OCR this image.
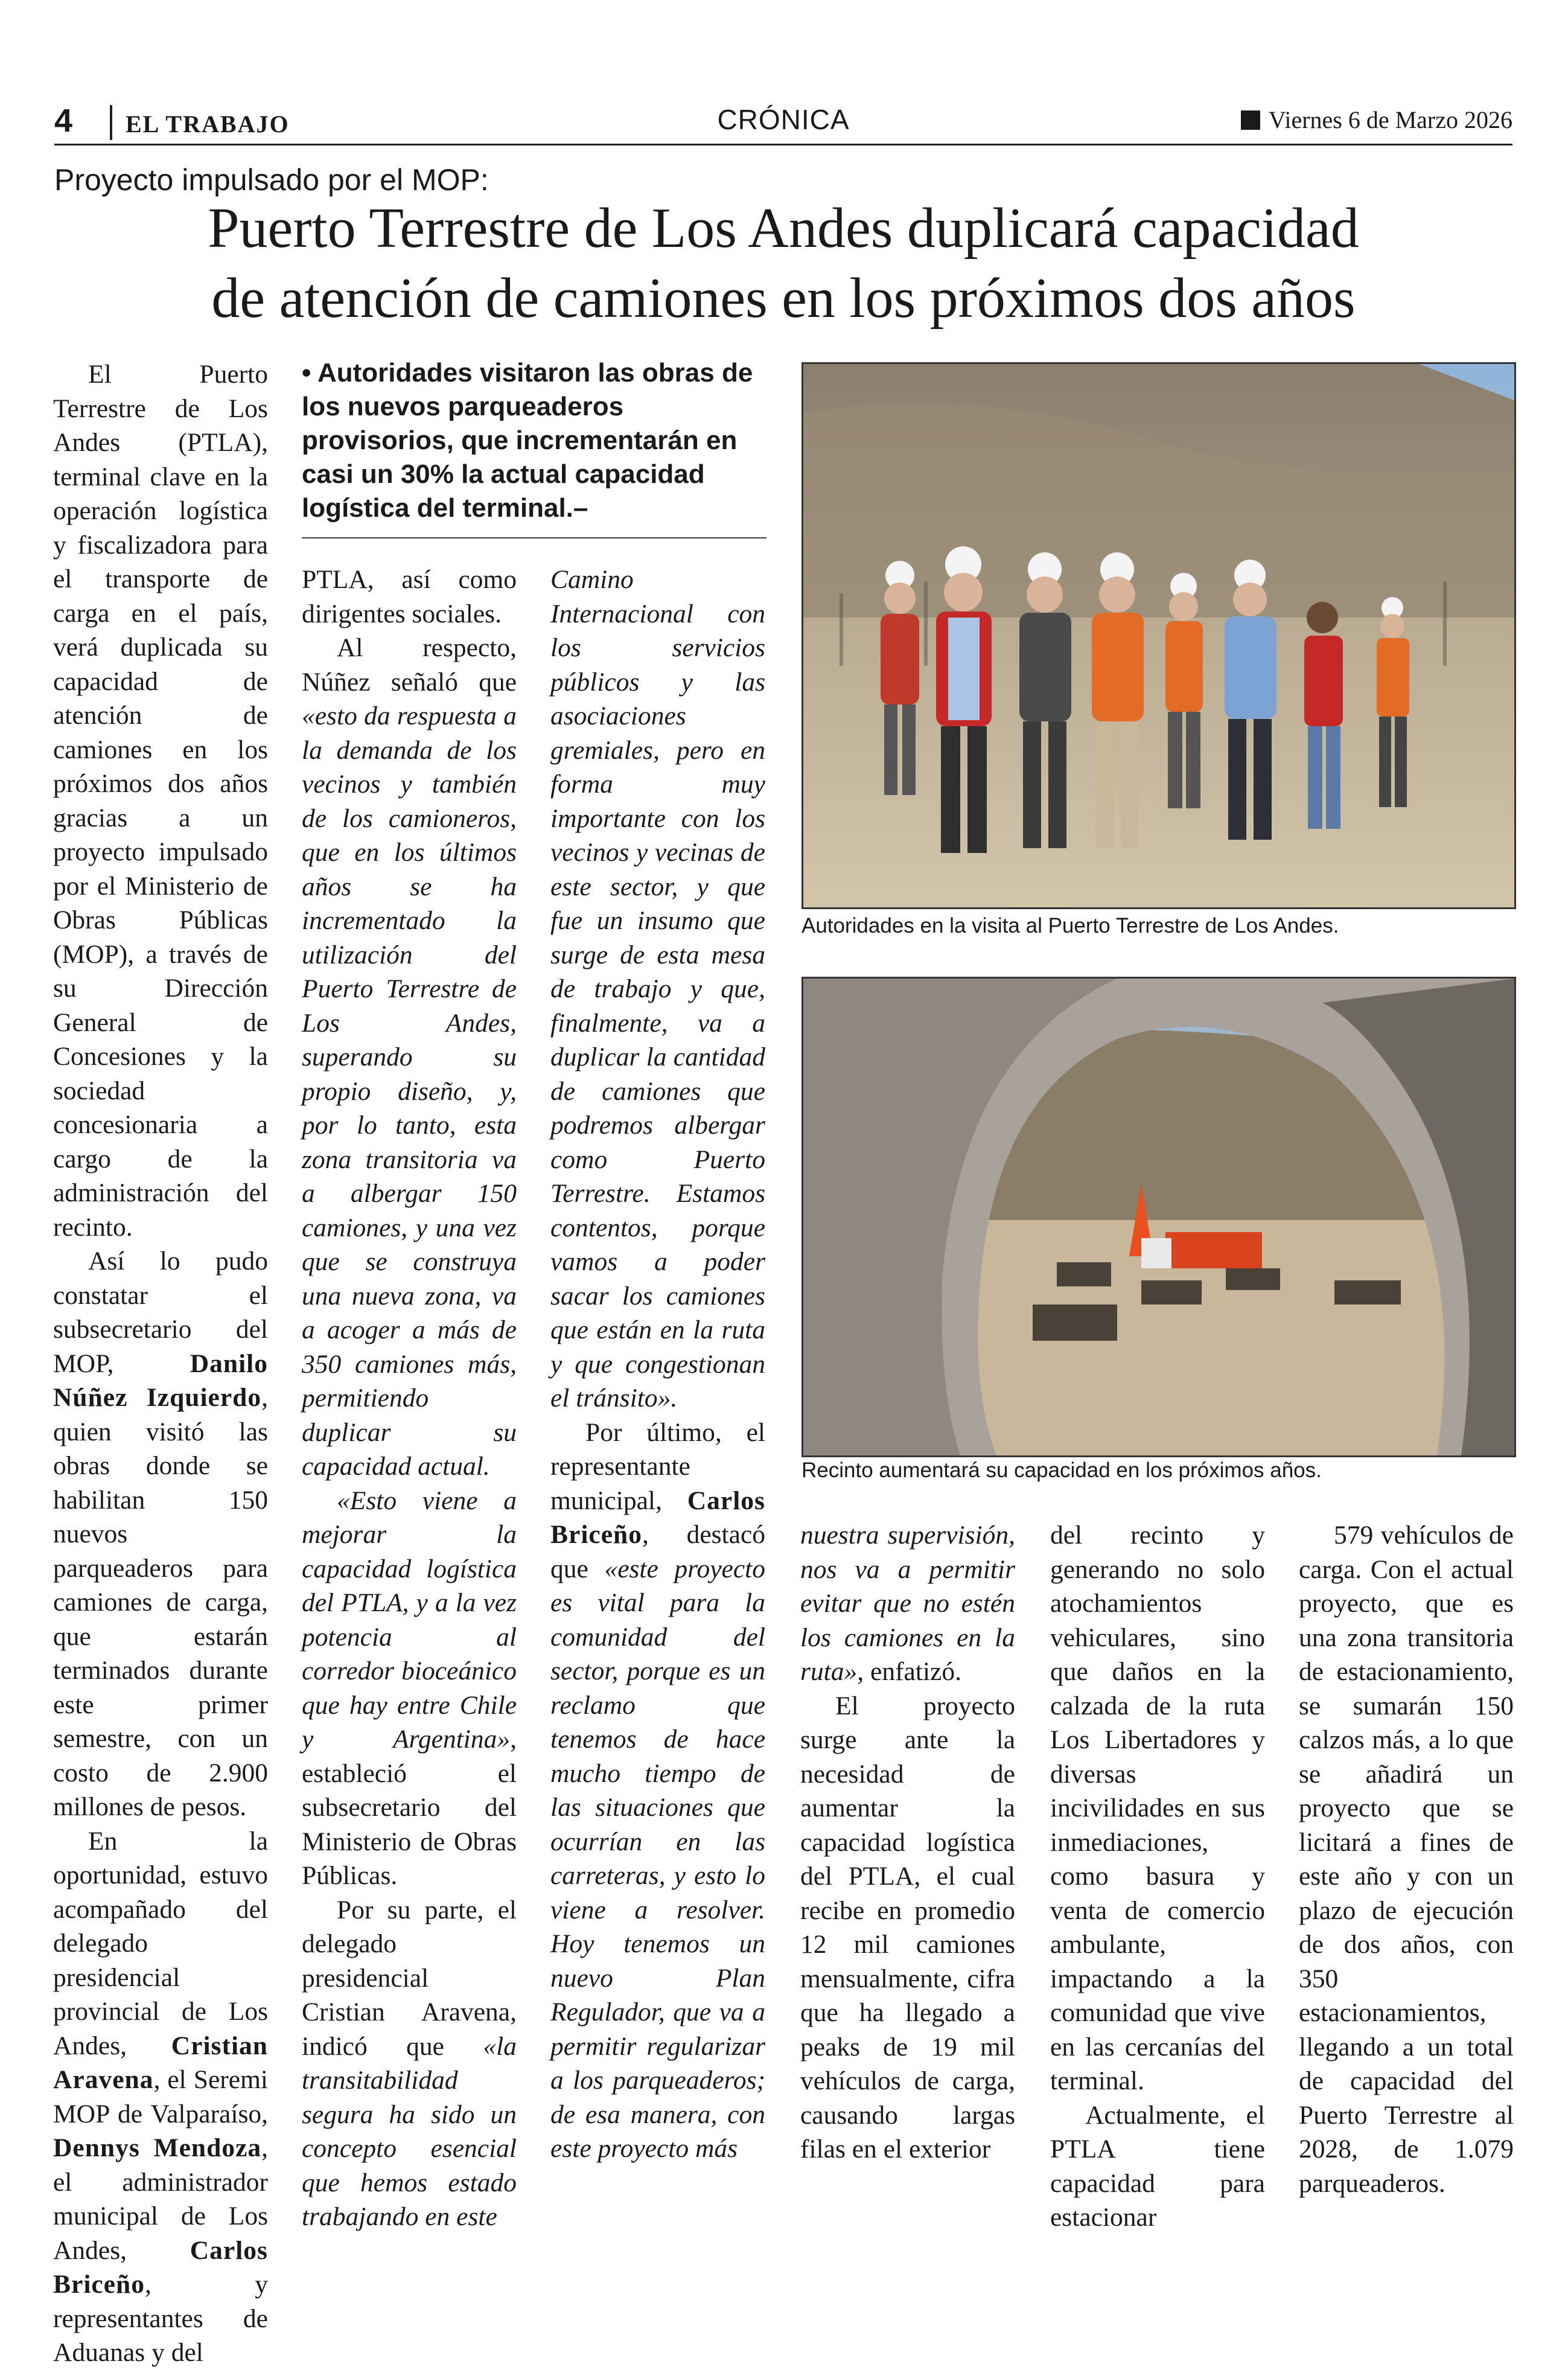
4 EL TRABAJO	CRÓNICA	Viernes 6 de Marzo 2026
Proyecto impulsado por el MOP:
Puerto Terrestre de Los Andes duplicará capacidad
de atención de camiones en los próximos dos años

El Puerto Terrestre de Los Andes (PTLA), terminal clave en la operación logística y fiscalizadora para el transporte de carga en el país, verá duplicada su capacidad de atención de camiones en los próximos dos años gracias a un proyecto impulsado por el Ministerio de Obras Públicas (MOP), a través de su Dirección General de Concesiones y la sociedad concesionaria a cargo de la administración del recinto.

Así lo pudo constatar el subsecretario del MOP, Danilo Núñez Izquierdo, quien visitó las obras donde se habilitan 150 nuevos parqueaderos para camiones de carga, que estarán terminados durante este primer semestre, con un costo de 2.900 millones de pesos.

En la oportunidad, estuvo acompañado del delegado presidencial provincial de Los Andes, Cristian Aravena, el Seremi MOP de Valparaíso, Dennys Mendoza, el administrador municipal de Los Andes, Carlos Briceño, y representantes de Aduanas y del

• Autoridades visitaron las obras de los nuevos parqueaderos provisorios, que incrementarán en casi un 30% la actual capacidad logística del terminal.–

PTLA, así como dirigentes sociales.

Al respecto, Núñez señaló que «esto da respuesta a la demanda de los vecinos y también de los camioneros, que en los últimos años se ha incrementado la utilización del Puerto Terrestre de Los Andes, superando su propio diseño, y, por lo tanto, esta zona transitoria va a albergar 150 camiones, y una vez que se construya una nueva zona, va a acoger a más de 350 camiones más, permitiendo duplicar su capacidad actual.

«Esto viene a mejorar la capacidad logística del PTLA, y a la vez potencia al corredor bioceánico que hay entre Chile y Argentina», estableció el subsecretario del Ministerio de Obras Públicas.

Por su parte, el delegado presidencial Cristian Aravena, indicó que «la transitabilidad segura ha sido un concepto esencial que hemos estado trabajando en este

Camino Internacional con los servicios públicos y las asociaciones gremiales, pero en forma muy importante con los vecinos y vecinas de este sector, y que fue un insumo que surge de esta mesa de trabajo y que, finalmente, va a duplicar la cantidad de camiones que podremos albergar como Puerto Terrestre. Estamos contentos, porque vamos a poder sacar los camiones que están en la ruta y que congestionan el tránsito».

Por último, el representante municipal, Carlos Briceño, destacó que «este proyecto es vital para la comunidad del sector, porque es un reclamo que tenemos de hace mucho tiempo de las situaciones que ocurrían en las carreteras, y esto lo viene a resolver. Hoy tenemos un nuevo Plan Regulador, que va a permitir regularizar a los parqueaderos; de esa manera, con este proyecto más

Autoridades en la visita al Puerto Terrestre de Los Andes.
Recinto aumentará su capacidad en los próximos años.

nuestra supervisión, nos va a permitir evitar que no estén los camiones en la ruta», enfatizó.

El proyecto surge ante la necesidad de aumentar la capacidad logística del PTLA, el cual recibe en promedio 12 mil camiones mensualmente, cifra que ha llegado a peaks de 19 mil vehículos de carga, causando largas filas en el exterior

del recinto y generando no solo atochamientos vehiculares, sino que daños en la calzada de la ruta Los Libertadores y diversas incivilidades en sus inmediaciones, como basura y venta de comercio ambulante, impactando a la comunidad que vive en las cercanías del terminal.

Actualmente, el PTLA tiene capacidad para estacionar

579 vehículos de carga. Con el actual proyecto, que es una zona transitoria de estacionamiento, se sumarán 150 calzos más, a lo que se añadirá un proyecto que se licitará a fines de este año y con un plazo de ejecución de dos años, con 350 estacionamientos, llegando a un total de capacidad del Puerto Terrestre al 2028, de 1.079 parqueaderos.
